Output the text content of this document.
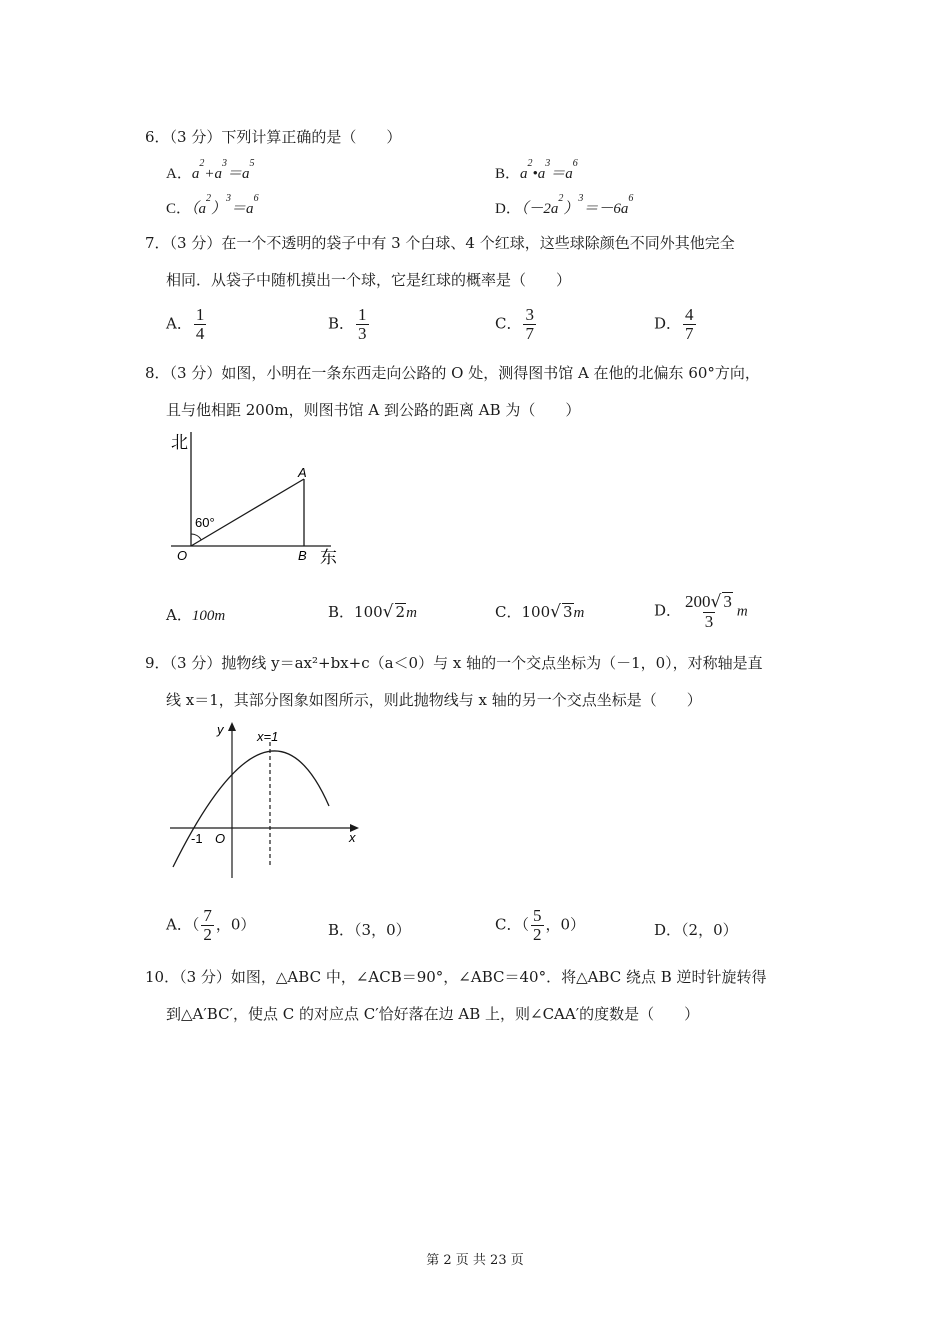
6．（3 分）下列计算正确的是（　　）
A．$a^2+a^3=a^5$
B．$a^2•a^3=a^6$
C．$(a^2)^3=a^6$
D．$(-2a^2)^3=-6a^6$
7．（3 分）在一个不透明的袋子中有 3 个白球、4 个红球，这些球除颜色不同外其他完全
相同．从袋子中随机摸出一个球，它是红球的概率是（　　）
A． $\frac{1}{4}$	B． $\frac{1}{3}$	C． $\frac{3}{7}$	D． $\frac{4}{7}$
8．（3 分）如图，小明在一条东西走向公路的 O 处，测得图书馆 A 在他的北偏东 60°方向，
且与他相距 200m，则图书馆 A 到公路的距离 AB 为（　　）
北
60°
A
B
O	东
A．100m	B．100√ 2m	C．100√ 3m	D． $\frac{200√ 3}{3}$ m
9．（3 分）抛物线 y＝ax²+bx+c（a＜0）与 x 轴的一个交点坐标为（－1，0），对称轴是直
线 x＝1，其部分图象如图所示，则此抛物线与 x 轴的另一个交点坐标是（　　）
y
x
x=1
-1 O
A．（ $\frac{7}{2}$ ，0）	B．（3，0）	C．（ $\frac{5}{2}$ ，0）	D．（2，0）
10．（3 分）如图，△ABC 中，∠ACB＝90°，∠ABC＝40°．将△ABC 绕点 B 逆时针旋转得
到△A′BC′，使点 C 的对应点 C′恰好落在边 AB 上，则∠CAA′的度数是（　　）
第 2 页 共 23 页
